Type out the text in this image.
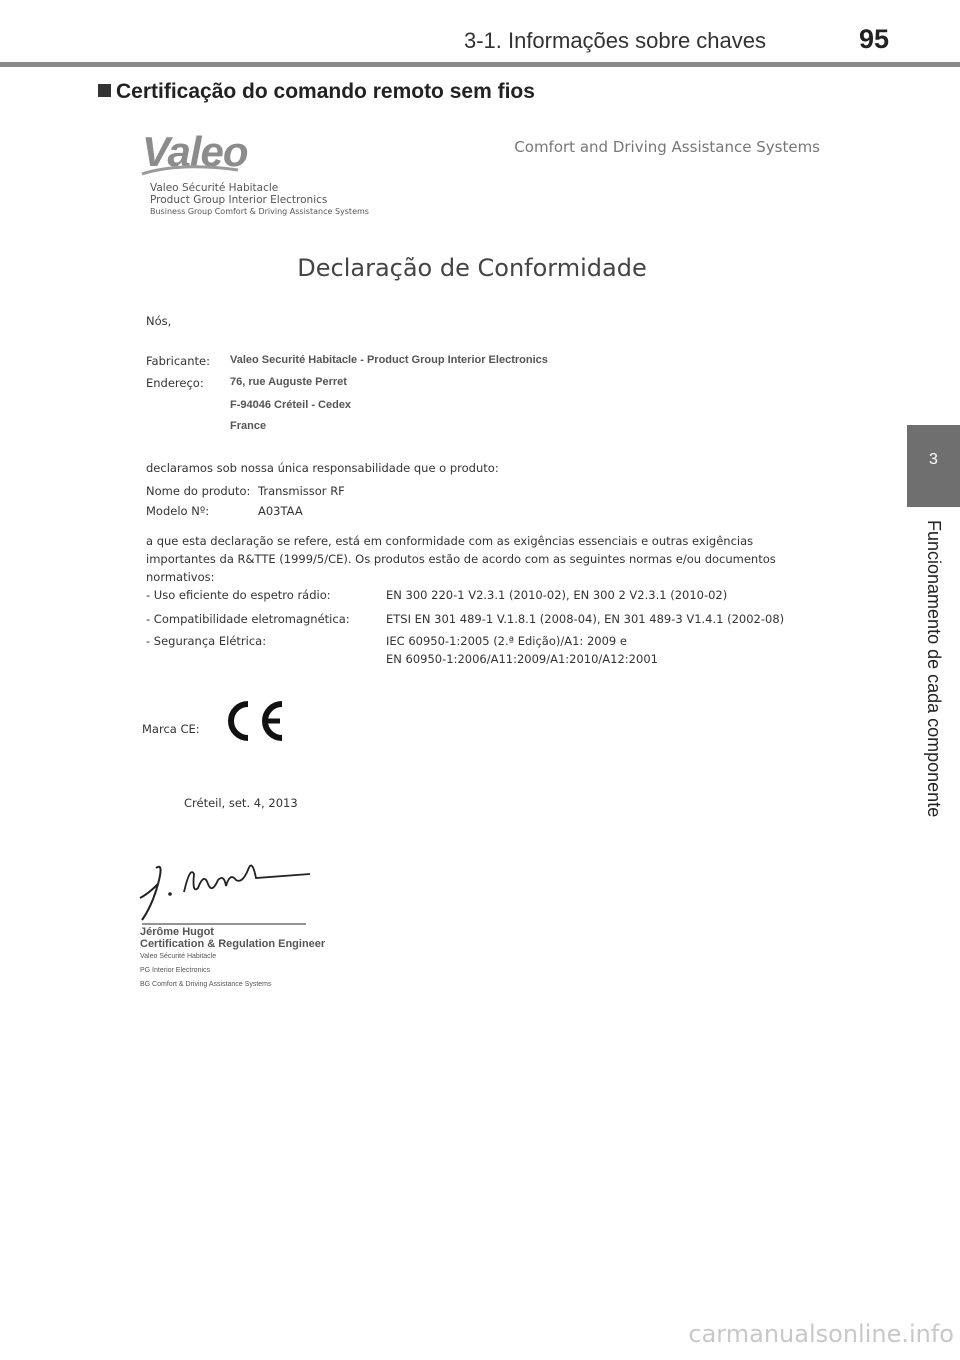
3-1. Informações sobre chaves	95
Certificação do comando remoto sem fios
3
Funcionamento de cada componente
Valeo	Comfort and Driving Assistance Systems
Valeo Sécurité Habitacle
Product Group Interior Electronics
Business Group Comfort & Driving Assistance Systems
Declaração de Conformidade
Nós,
Fabricante: Valeo Securité Habitacle - Product Group Interior Electronics
Endereço: 76, rue Auguste Perret
F-94046 Créteil - Cedex
France
declaramos sob nossa única responsabilidade que o produto:
Nome do produto: Transmissor RF
Modelo Nº:	A03TAA
a que esta declaração se refere, está em conformidade com as exigências essenciais e outras exigências importantes da R&TTE (1999/5/CE). Os produtos estão de acordo com as seguintes normas e/ou documentos normativos:
- Uso eficiente do espetro rádio:	EN 300 220-1 V2.3.1 (2010-02), EN 300 2 V2.3.1 (2010-02)
- Compatibilidade eletromagnética:	ETSI EN 301 489-1 V.1.8.1 (2008-04), EN 301 489-3 V1.4.1 (2002-08)
- Segurança Elétrica:	IEC 60950-1:2005 (2.ª Edição)/A1: 2009 e
EN 60950-1:2006/A11:2009/A1:2010/A12:2001
Marca CE:
Créteil, set. 4, 2013
Jérôme Hugot
Certification & Regulation Engineer
Valeo Sécurité Habitacle
PG Interior Electronics
BG Comfort & Driving Assistance Systems
carmanualsonline.info
